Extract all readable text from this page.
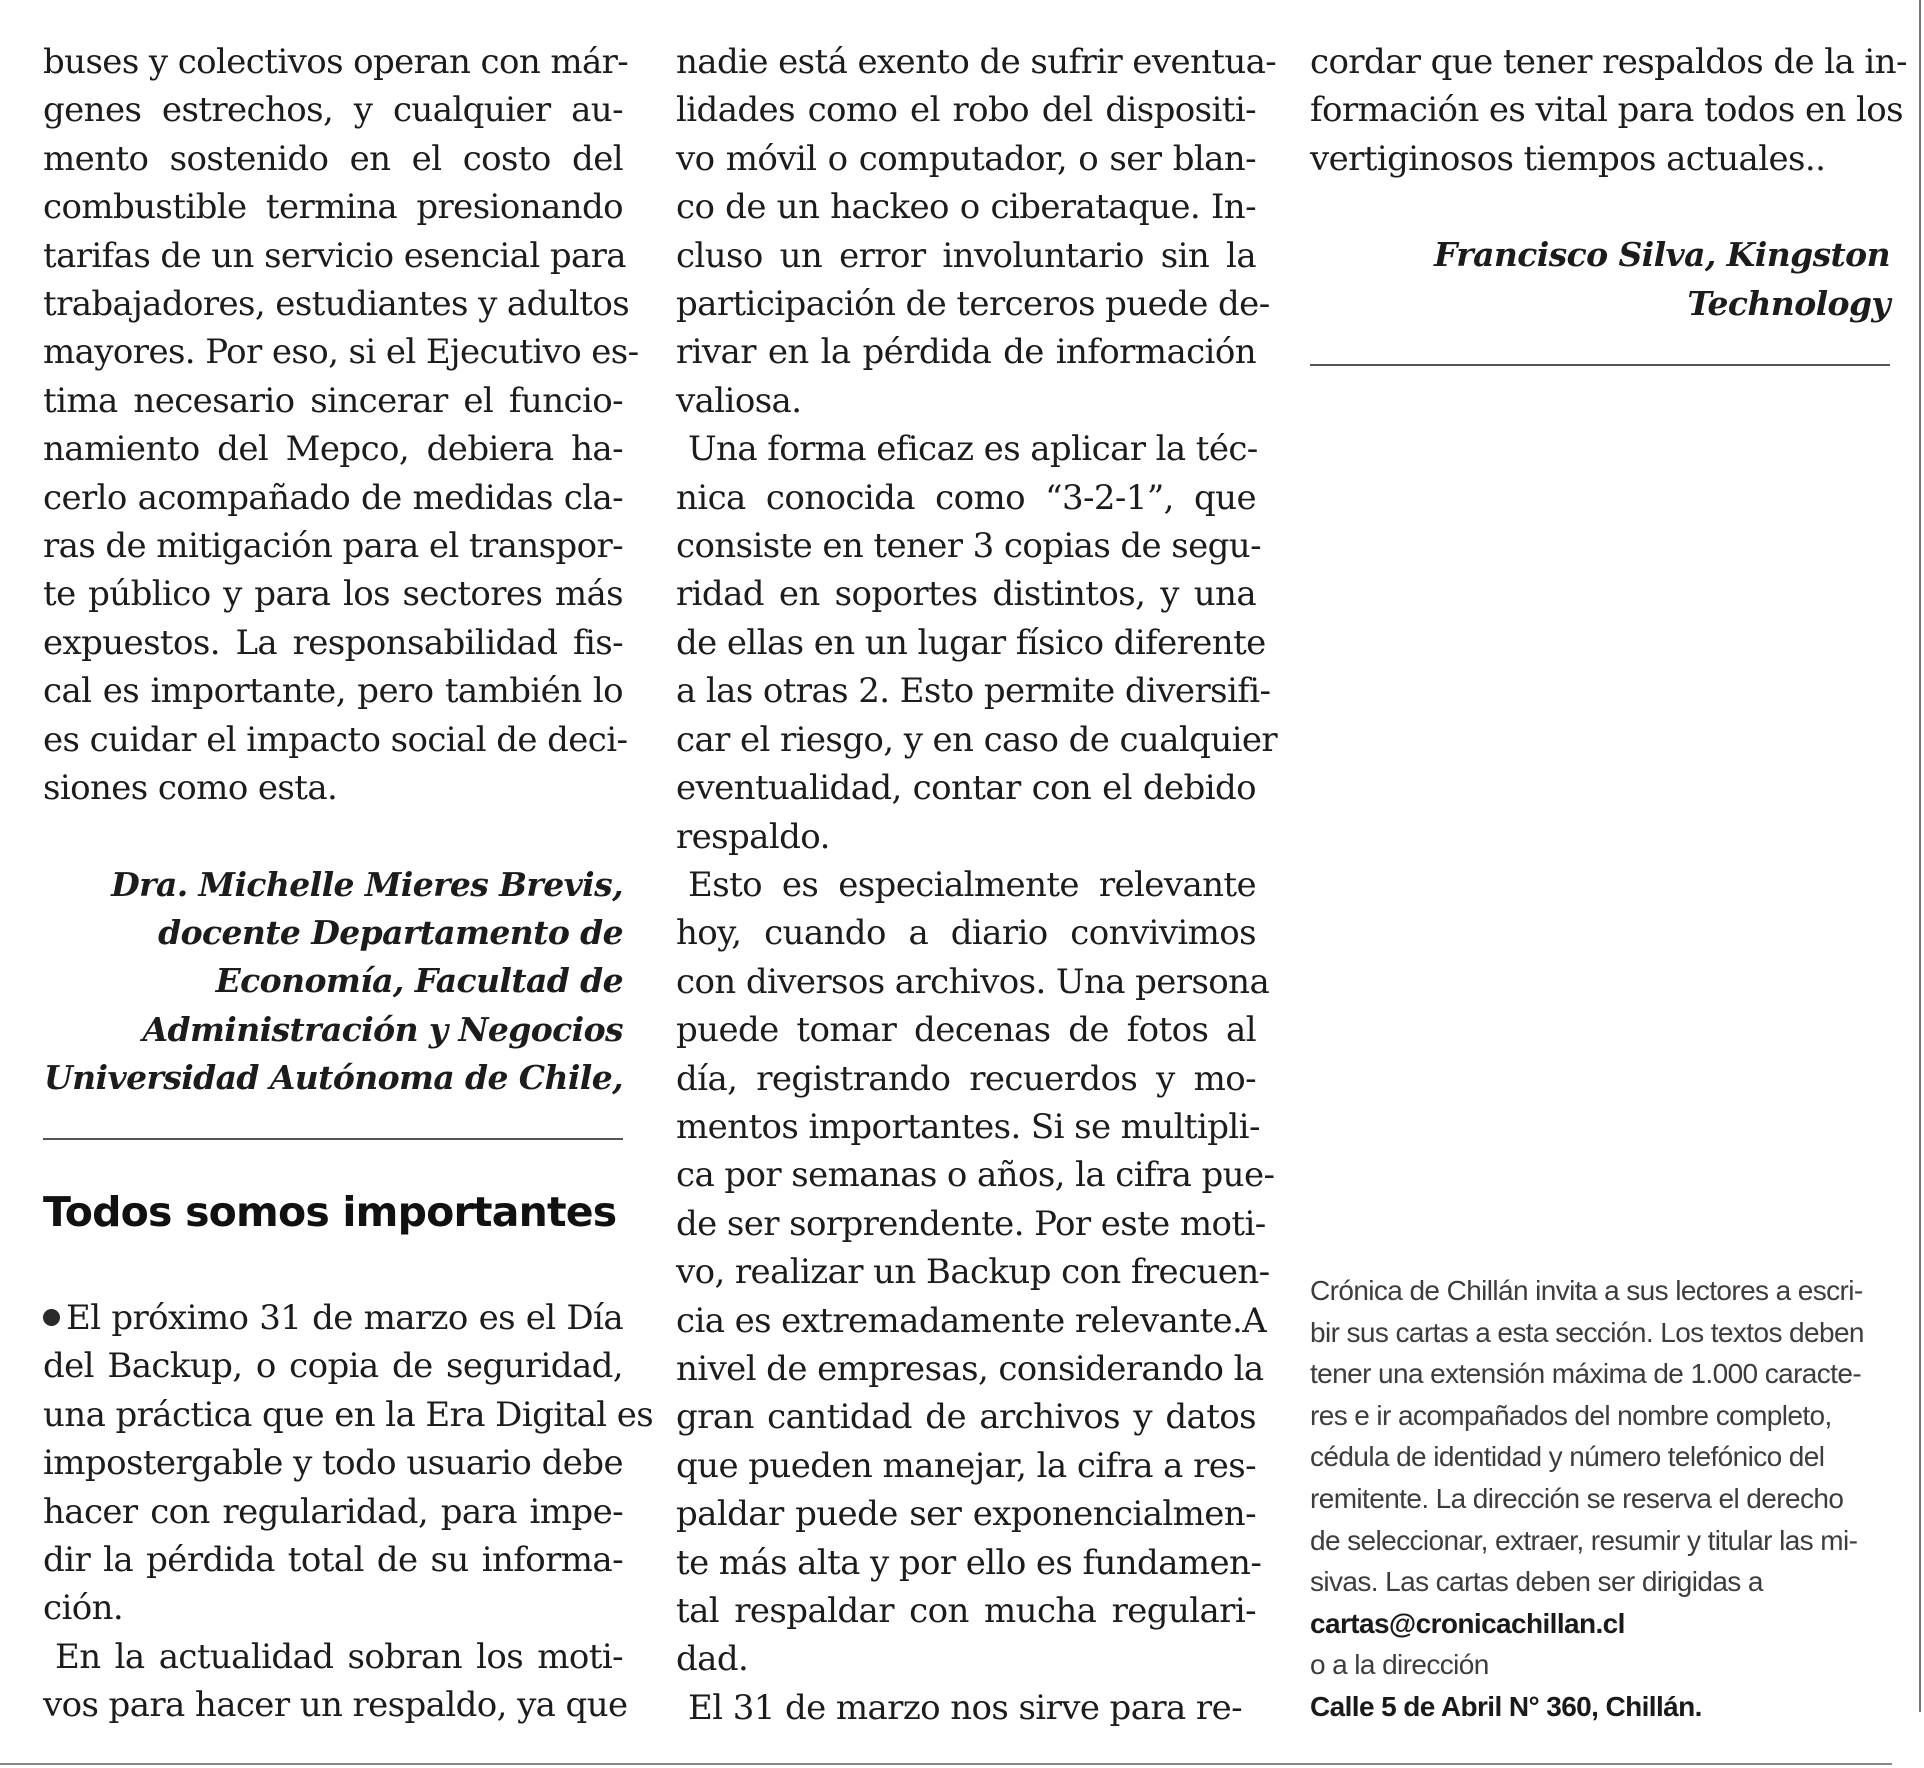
buses y colectivos operan con már-
genes estrechos, y cualquier au-
mento sostenido en el costo del
combustible termina presionando
tarifas de un servicio esencial para
trabajadores, estudiantes y adultos
mayores. Por eso, si el Ejecutivo es-
tima necesario sincerar el funcio-
namiento del Mepco, debiera ha-
cerlo acompañado de medidas cla-
ras de mitigación para el transpor-
te público y para los sectores más
expuestos. La responsabilidad fis-
cal es importante, pero también lo
es cuidar el impacto social de deci-
siones como esta.
Dra. Michelle Mieres Brevis,
docente Departamento de
Economía, Facultad de
Administración y Negocios
Universidad Autónoma de Chile,
Todos somos importantes
El próximo 31 de marzo es el Día
del Backup, o copia de seguridad,
una práctica que en la Era Digital es
impostergable y todo usuario debe
hacer con regularidad, para impe-
dir la pérdida total de su informa-
ción.
En la actualidad sobran los moti-
vos para hacer un respaldo, ya que
nadie está exento de sufrir eventua-
lidades como el robo del dispositi-
vo móvil o computador, o ser blan-
co de un hackeo o ciberataque. In-
cluso un error involuntario sin la
participación de terceros puede de-
rivar en la pérdida de información
valiosa.
Una forma eficaz es aplicar la téc-
nica conocida como “3-2-1”, que
consiste en tener 3 copias de segu-
ridad en soportes distintos, y una
de ellas en un lugar físico diferente
a las otras 2. Esto permite diversifi-
car el riesgo, y en caso de cualquier
eventualidad, contar con el debido
respaldo.
Esto es especialmente relevante
hoy, cuando a diario convivimos
con diversos archivos. Una persona
puede tomar decenas de fotos al
día, registrando recuerdos y mo-
mentos importantes. Si se multipli-
ca por semanas o años, la cifra pue-
de ser sorprendente. Por este moti-
vo, realizar un Backup con frecuen-
cia es extremadamente relevante.A
nivel de empresas, considerando la
gran cantidad de archivos y datos
que pueden manejar, la cifra a res-
paldar puede ser exponencialmen-
te más alta y por ello es fundamen-
tal respaldar con mucha regulari-
dad.
El 31 de marzo nos sirve para re-
cordar que tener respaldos de la in-
formación es vital para todos en los
vertiginosos tiempos actuales..
Francisco Silva, Kingston
Technology
Crónica de Chillán invita a sus lectores a escri-
bir sus cartas a esta sección. Los textos deben
tener una extensión máxima de 1.000 caracte-
res e ir acompañados del nombre completo,
cédula de identidad y número telefónico del
remitente. La dirección se reserva el derecho
de seleccionar, extraer, resumir y titular las mi-
sivas. Las cartas deben ser dirigidas a
cartas@cronicachillan.cl
o a la dirección
Calle 5 de Abril N° 360, Chillán.
